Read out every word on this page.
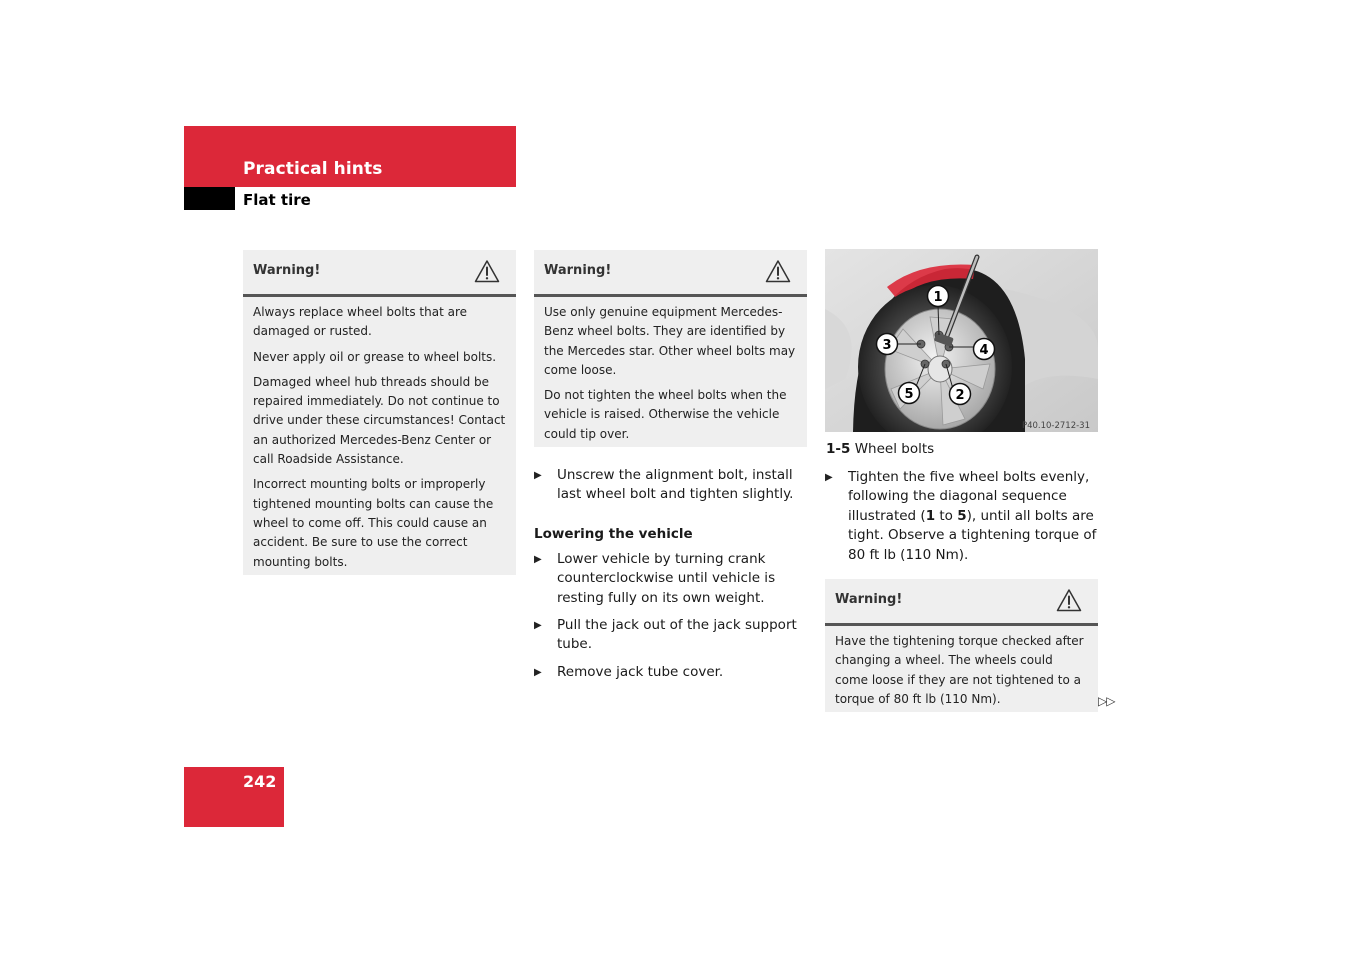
Practical hints
Flat tire
Warning!

Always replace wheel bolts that are damaged or rusted.

Never apply oil or grease to wheel bolts.

Damaged wheel hub threads should be repaired immediately. Do not continue to drive under these circumstances! Contact an authorized Mercedes-Benz Center or call Roadside Assistance.

Incorrect mounting bolts or improperly tightened mounting bolts can cause the wheel to come off. This could cause an accident. Be sure to use the correct mounting bolts.

Warning!

Use only genuine equipment Mercedes-Benz wheel bolts. They are identified by the Mercedes star. Other wheel bolts may come loose.

Do not tighten the wheel bolts when the vehicle is raised. Otherwise the vehicle could tip over.

▶ Unscrew the alignment bolt, install last wheel bolt and tighten slightly.
Lowering the vehicle
▶ Lower vehicle by turning crank counterclockwise until vehicle is resting fully on its own weight.
▶ Pull the jack out of the jack support tube.
▶ Remove jack tube cover.
1
2
3	4
5
P40.10-2712-31
1-5 Wheel bolts
▶ Tighten the five wheel bolts evenly, following the diagonal sequence illustrated (1 to 5), until all bolts are tight. Observe a tightening torque of 80 ft lb (110 Nm).
Warning!

Have the tightening torque checked after changing a wheel. The wheels could come loose if they are not tightened to a torque of 80 ft lb (110 Nm).	▷▷
242
